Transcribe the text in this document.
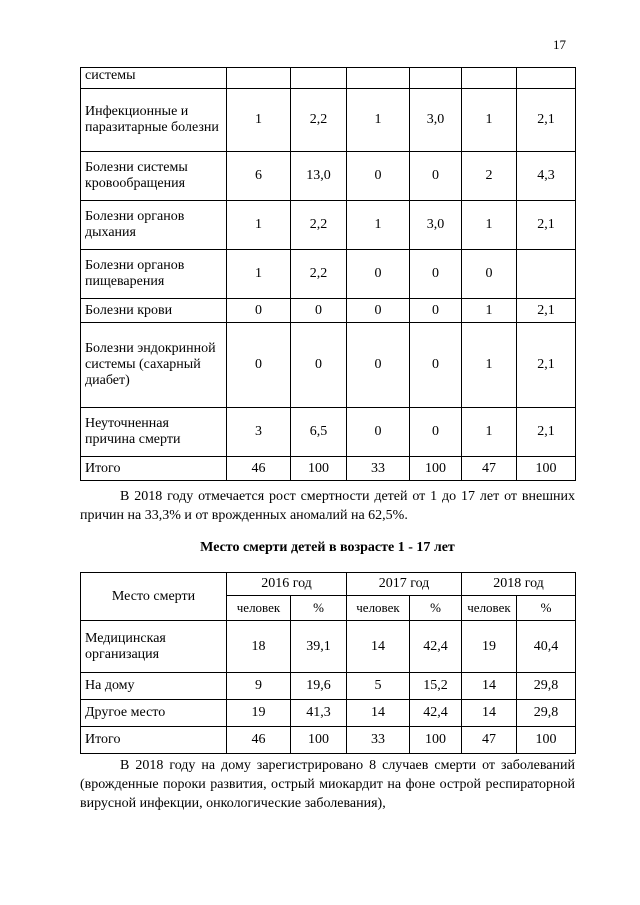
17
системы						
Инфекционные и паразитарные болезни	1	2,2	1	3,0	1	2,1
Болезни системы кровообращения	6	13,0	0	0	2	4,3
Болезни органов дыхания	1	2,2	1	3,0	1	2,1
Болезни органов пищеварения	1	2,2	0	0	0	
Болезни крови	0	0	0	0	1	2,1
Болезни эндокринной системы (сахарный диабет)	0	0	0	0	1	2,1
Неуточненная причина смерти	3	6,5	0	0	1	2,1
Итого	46	100	33	100	47	100
В 2018 году отмечается рост смертности детей от 1 до 17 лет от внешних причин на 33,3% и от врожденных аномалий на 62,5%.
Место смерти детей в возрасте 1 - 17 лет
Место смерти	2016 год		2017 год		2018 год	
	человек	%	человек	%	человек	%
Медицинская организация	18	39,1	14	42,4	19	40,4
На дому	9	19,6	5	15,2	14	29,8
Другое место	19	41,3	14	42,4	14	29,8
Итого	46	100	33	100	47	100
В 2018 году на дому зарегистрировано 8 случаев смерти от заболеваний (врожденные пороки развития, острый миокардит на фоне острой респираторной вирусной инфекции, онкологические заболевания),
